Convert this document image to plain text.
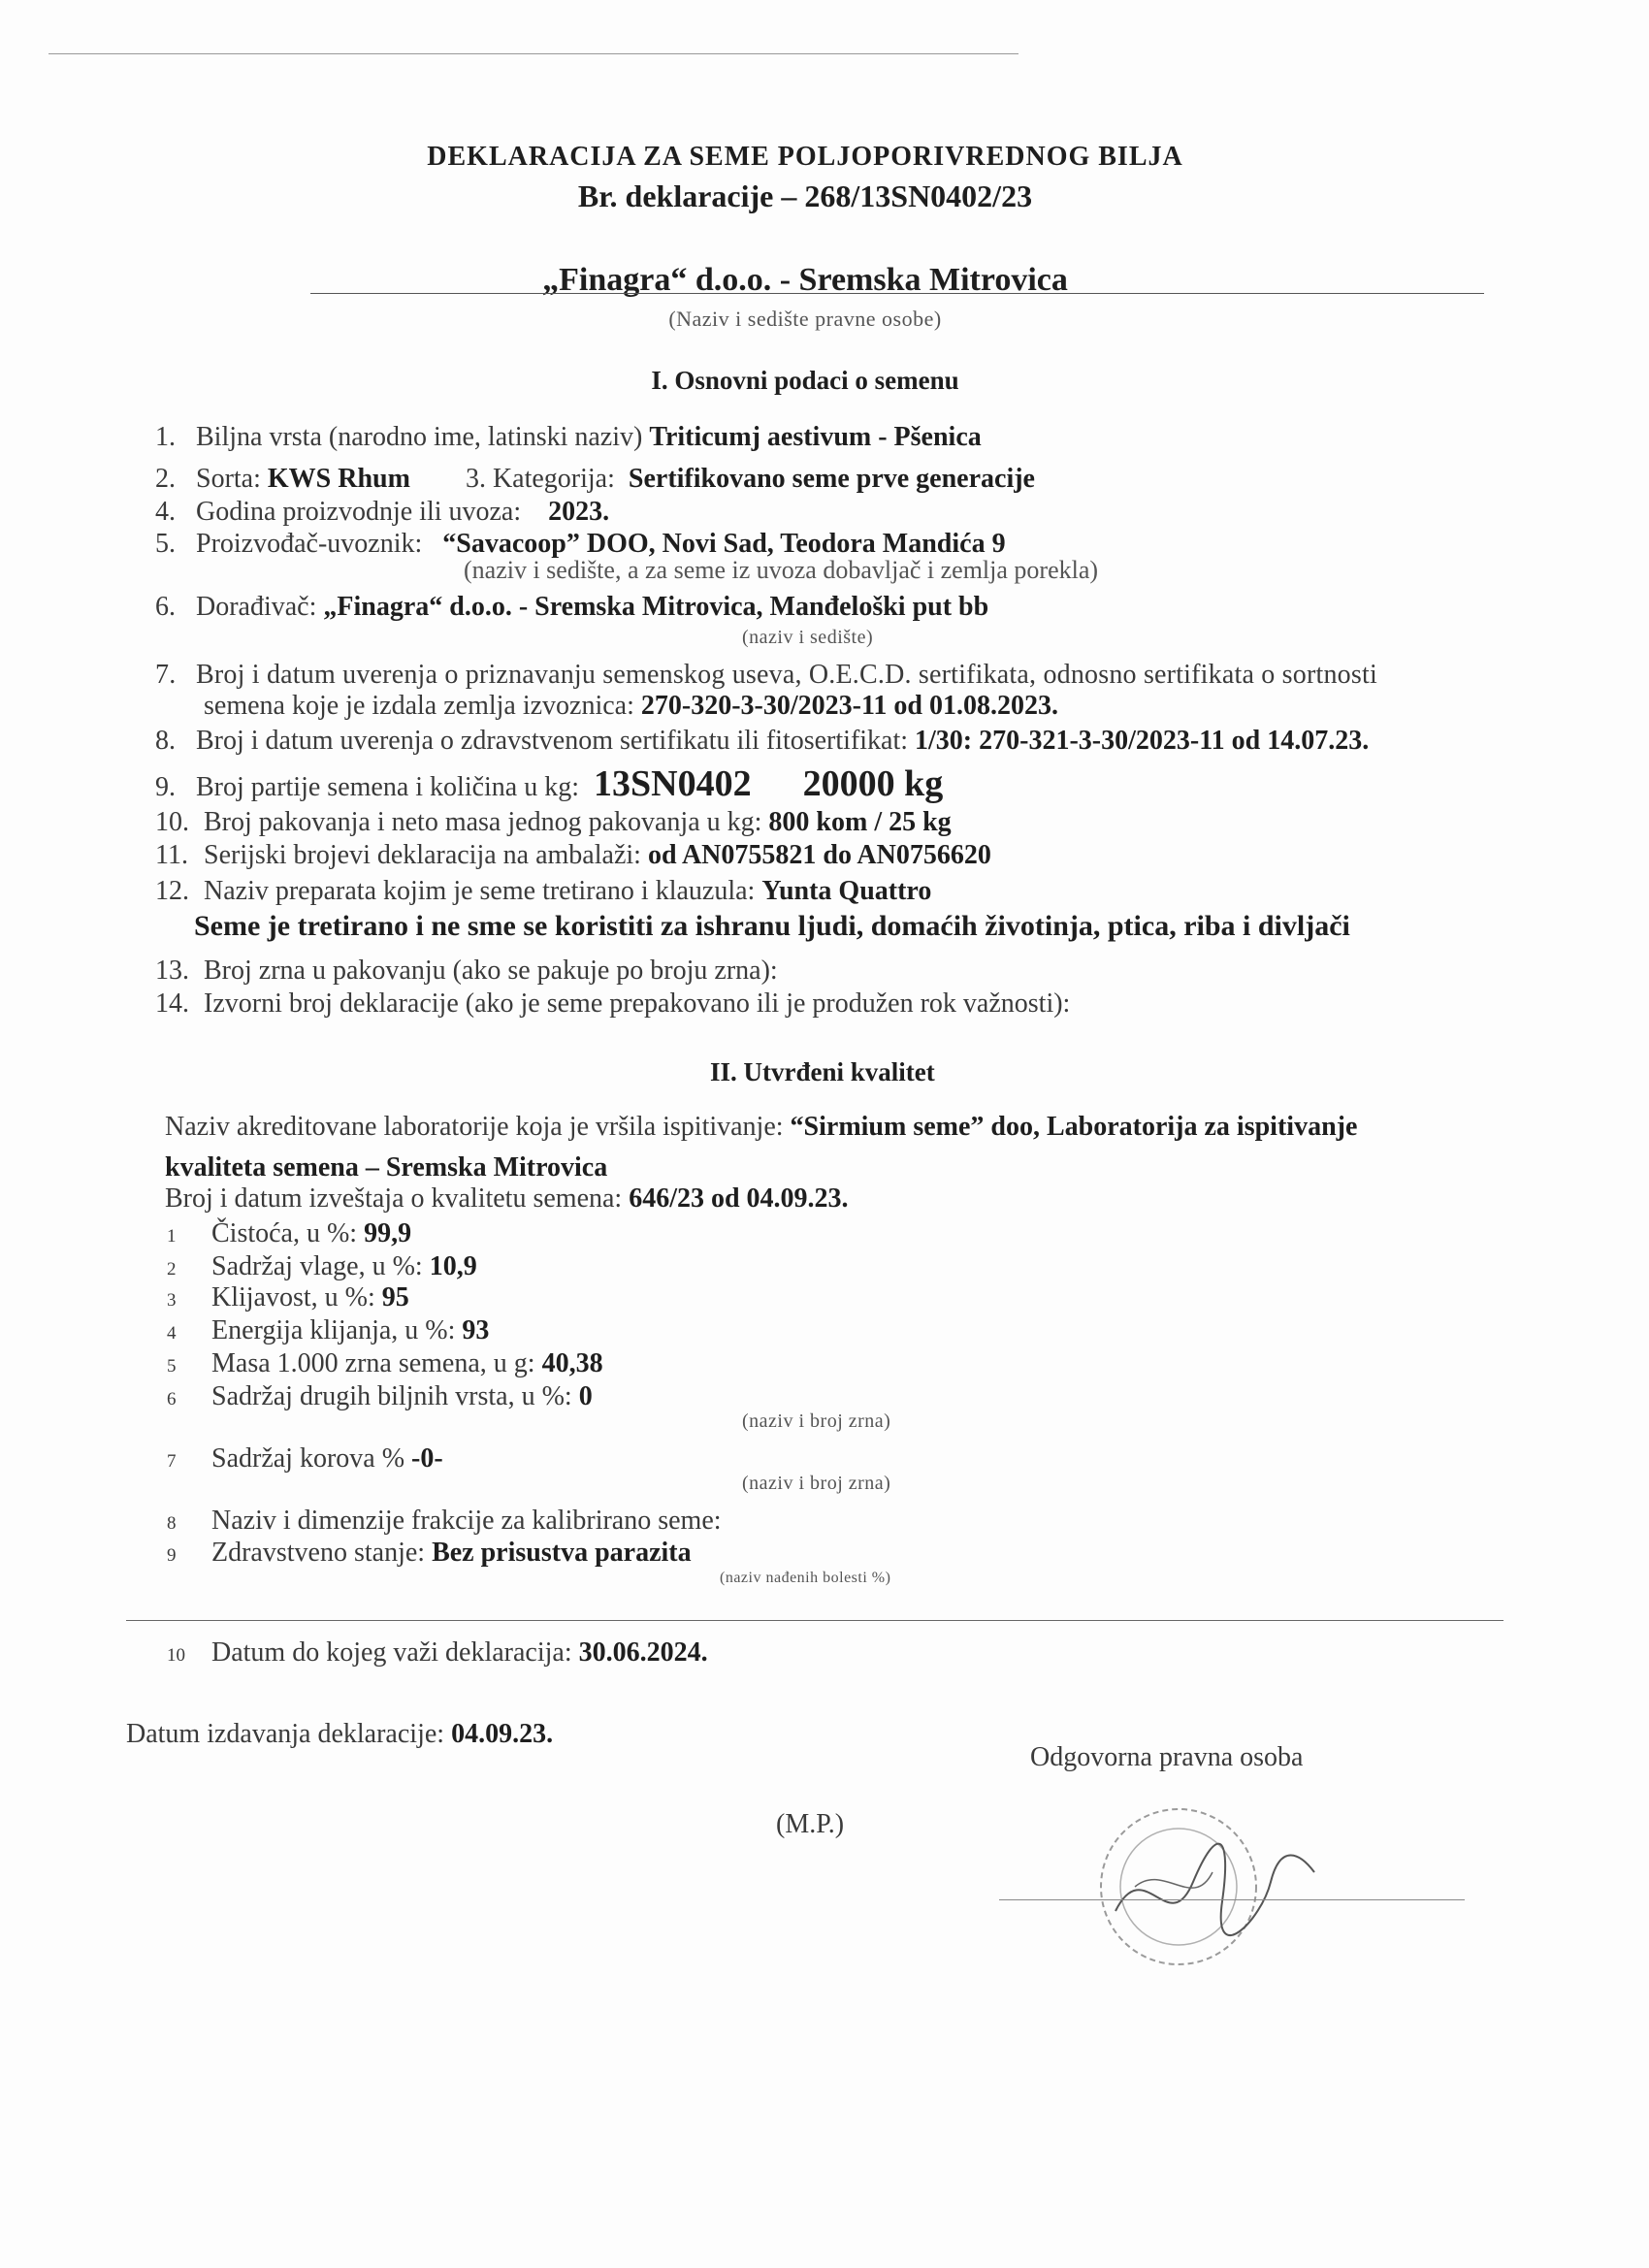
DEKLARACIJA ZA SEME POLJOPORIVREDNOG BILJA
Br. deklaracije – 268/13SN0402/23
„Finagra“ d.o.o. - Sremska Mitrovica
(Naziv i sedište pravne osobe)
I. Osnovni podaci o semenu
1. Biljna vrsta (narodno ime, latinski naziv) Triticumj aestivum - Pšenica
2. Sorta: KWS Rhum 3. Kategorija: Sertifikovano seme prve generacije
4. Godina proizvodnje ili uvoza: 2023.
5. Proizvođač-uvoznik: “Savacoop” DOO, Novi Sad, Teodora Mandića 9
(naziv i sedište, a za seme iz uvoza dobavljač i zemlja porekla)
6. Dorađivač: „Finagra“ d.o.o. - Sremska Mitrovica, Manđeloški put bb
(naziv i sedište)
7. Broj i datum uverenja o priznavanju semenskog useva, O.E.C.D. sertifikata, odnosno sertifikata o sortnosti
semena koje je izdala zemlja izvoznica: 270-320-3-30/2023-11 od 01.08.2023.
8. Broj i datum uverenja o zdravstvenom sertifikatu ili fitosertifikat: 1/30: 270-321-3-30/2023-11 od 14.07.23.
9. Broj partije semena i količina u kg: 13SN0402 20000 kg
10. Broj pakovanja i neto masa jednog pakovanja u kg: 800 kom / 25 kg
11. Serijski brojevi deklaracija na ambalaži: od AN0755821 do AN0756620
12. Naziv preparata kojim je seme tretirano i klauzula: Yunta Quattro
Seme je tretirano i ne sme se koristiti za ishranu ljudi, domaćih životinja, ptica, riba i divljači
13. Broj zrna u pakovanju (ako se pakuje po broju zrna):
14. Izvorni broj deklaracije (ako je seme prepakovano ili je produžen rok važnosti):
II. Utvrđeni kvalitet
Naziv akreditovane laboratorije koja je vršila ispitivanje: “Sirmium seme” doo, Laboratorija za ispitivanje
kvaliteta semena – Sremska Mitrovica
Broj i datum izveštaja o kvalitetu semena: 646/23 od 04.09.23.
1 Čistoća, u %: 99,9
2 Sadržaj vlage, u %: 10,9
3 Klijavost, u %: 95
4 Energija klijanja, u %: 93
5 Masa 1.000 zrna semena, u g: 40,38
6 Sadržaj drugih biljnih vrsta, u %: 0
(naziv i broj zrna)
7 Sadržaj korova % -0-
(naziv i broj zrna)
8 Naziv i dimenzije frakcije za kalibrirano seme:
9 Zdravstveno stanje: Bez prisustva parazita
(naziv nađenih bolesti %)
10 Datum do kojeg važi deklaracija: 30.06.2024.
Datum izdavanja deklaracije: 04.09.23.
Odgovorna pravna osoba
(M.P.)
